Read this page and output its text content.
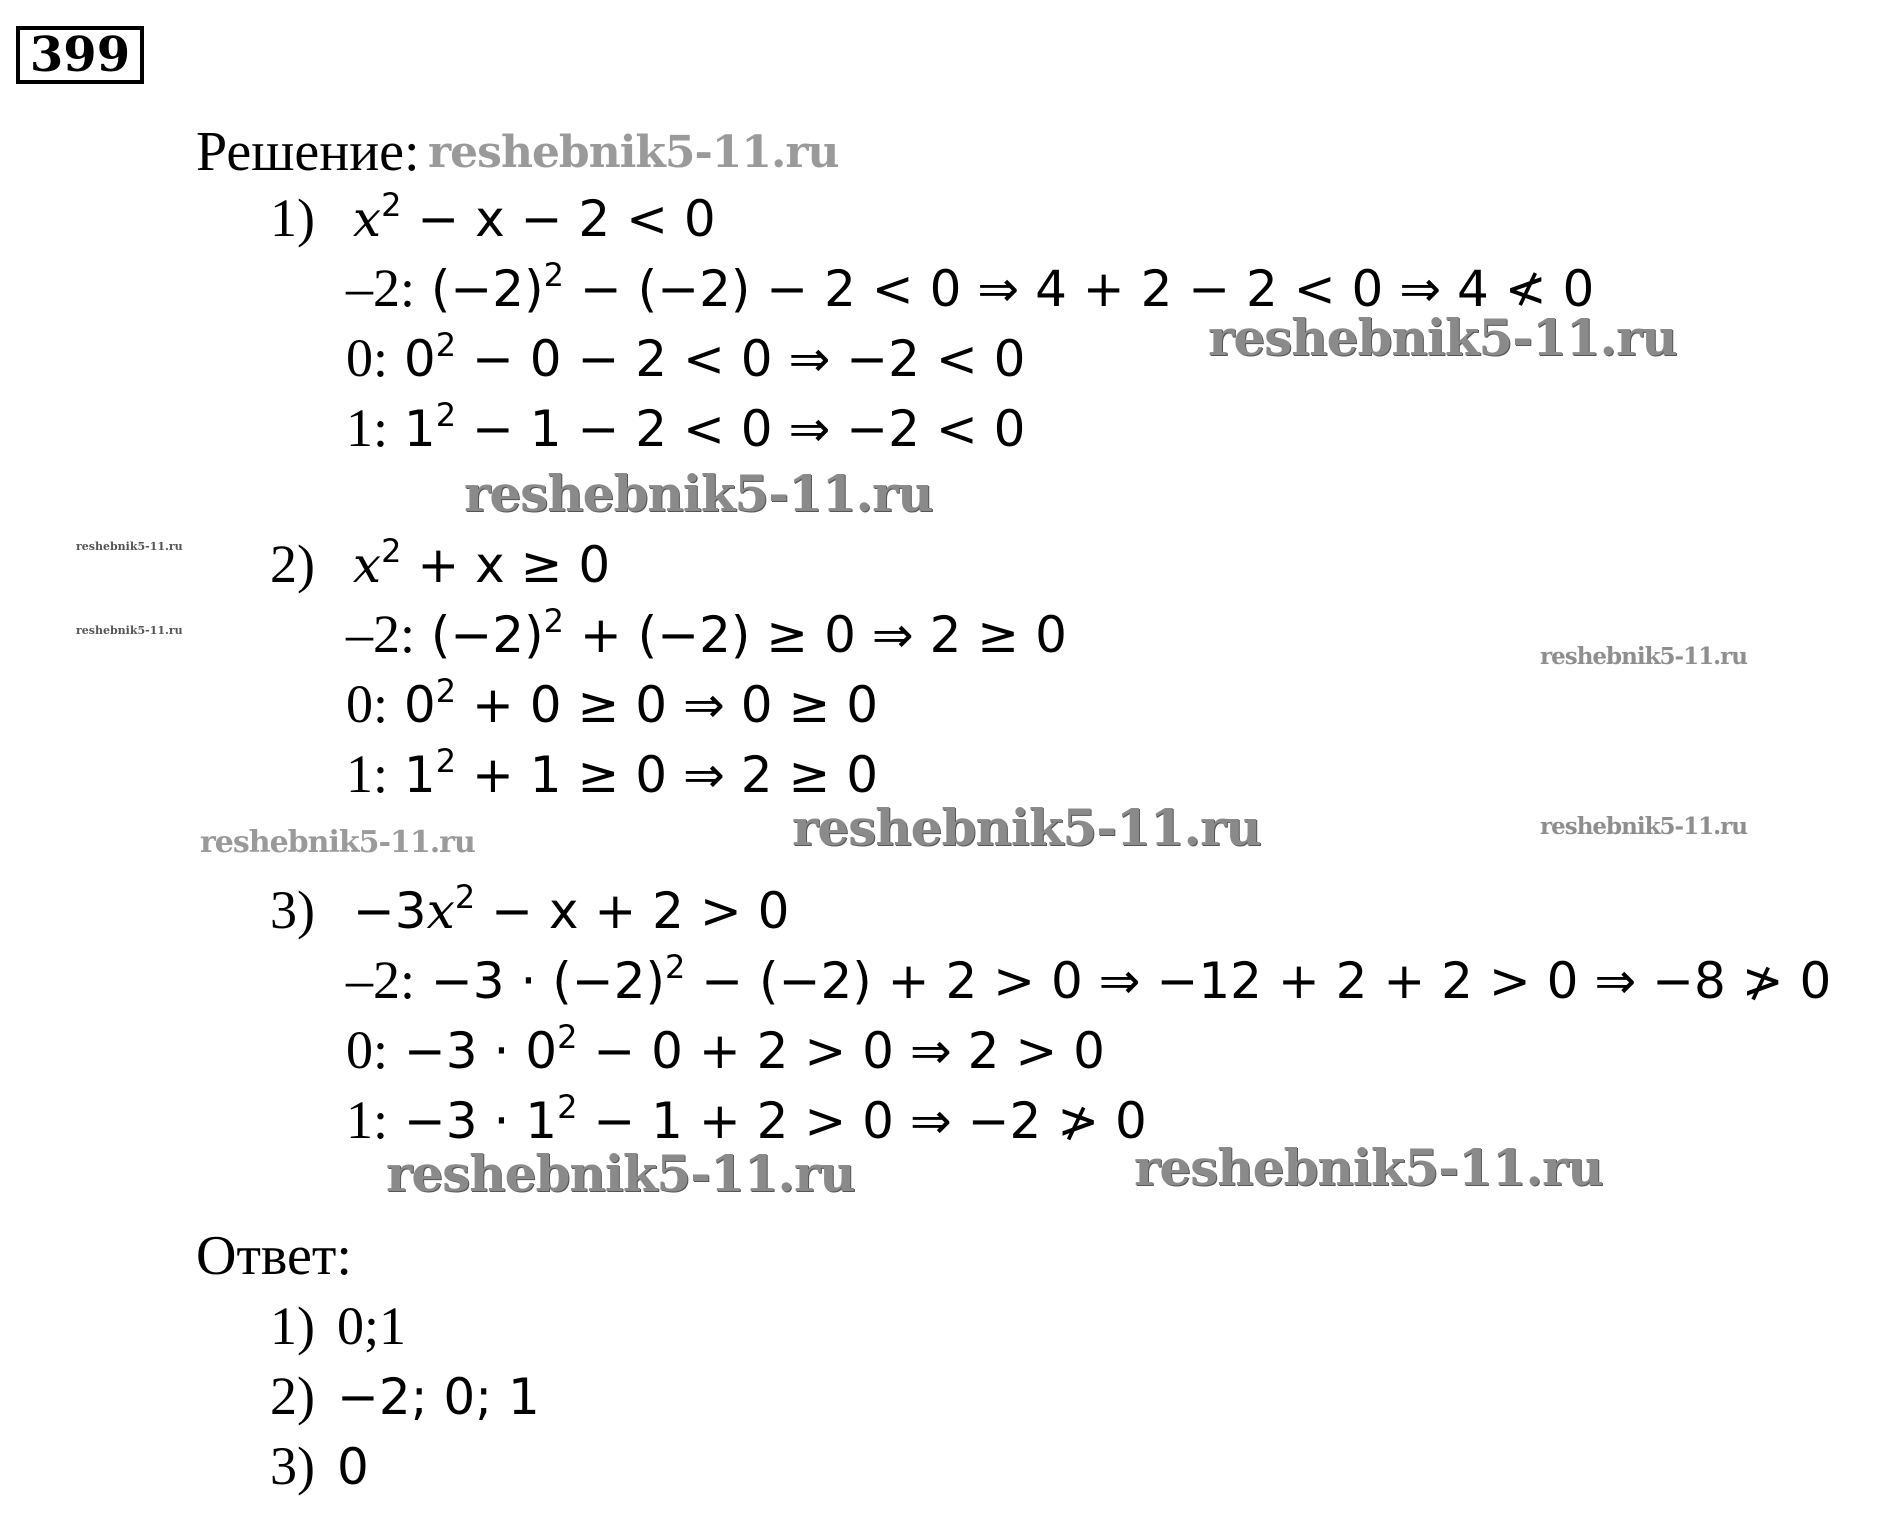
399
Решение:
1) $x^2 - x - 2 < 0$
–2: $(-2)^2 - (-2) - 2 < 0$ ⇒ 4 + 2 − 2 < 0 ⇒ 4 ≮ 0
0: $0^2 - 0 - 2 < 0$ ⇒ −2 < 0
1: $1^2 - 1 - 2 < 0$ ⇒ −2 < 0
2) $x^2 + x \ge 0$
–2: $(-2)^2 + (-2) \ge 0$ ⇒ 2 ≥ 0
0: $0^2 + 0 \ge 0$ ⇒ 0 ≥ 0
1: $1^2 + 1 \ge 0$ ⇒ 2 ≥ 0
$3) -3x^2 - x + 2 > 0$
–2: $-3 \cdot (-2)^2 - (-2) + 2 > 0$ ⇒ −12 + 2 + 2 > 0 ⇒ −8 ≯ 0
0: $-3 \cdot 0^2 - 0 + 2 > 0$ ⇒ 2 > 0
1: $-3 \cdot 1^2 - 1 + 2 > 0$ ⇒ −2 ≯ 0
Ответ:
1) 0;1
2) −2; 0; 1
3) 0
reshebnik5-11.ru
reshebnik5-11.ru
reshebnik5-11.ru
reshebnik5-11.ru
reshebnik5-11.ru
reshebnik5-11.ru
reshebnik5-11.ru	reshebnik5-11.ru
reshebnik5-11.ru
reshebnik5-11.ru	reshebnik5-11.ru
